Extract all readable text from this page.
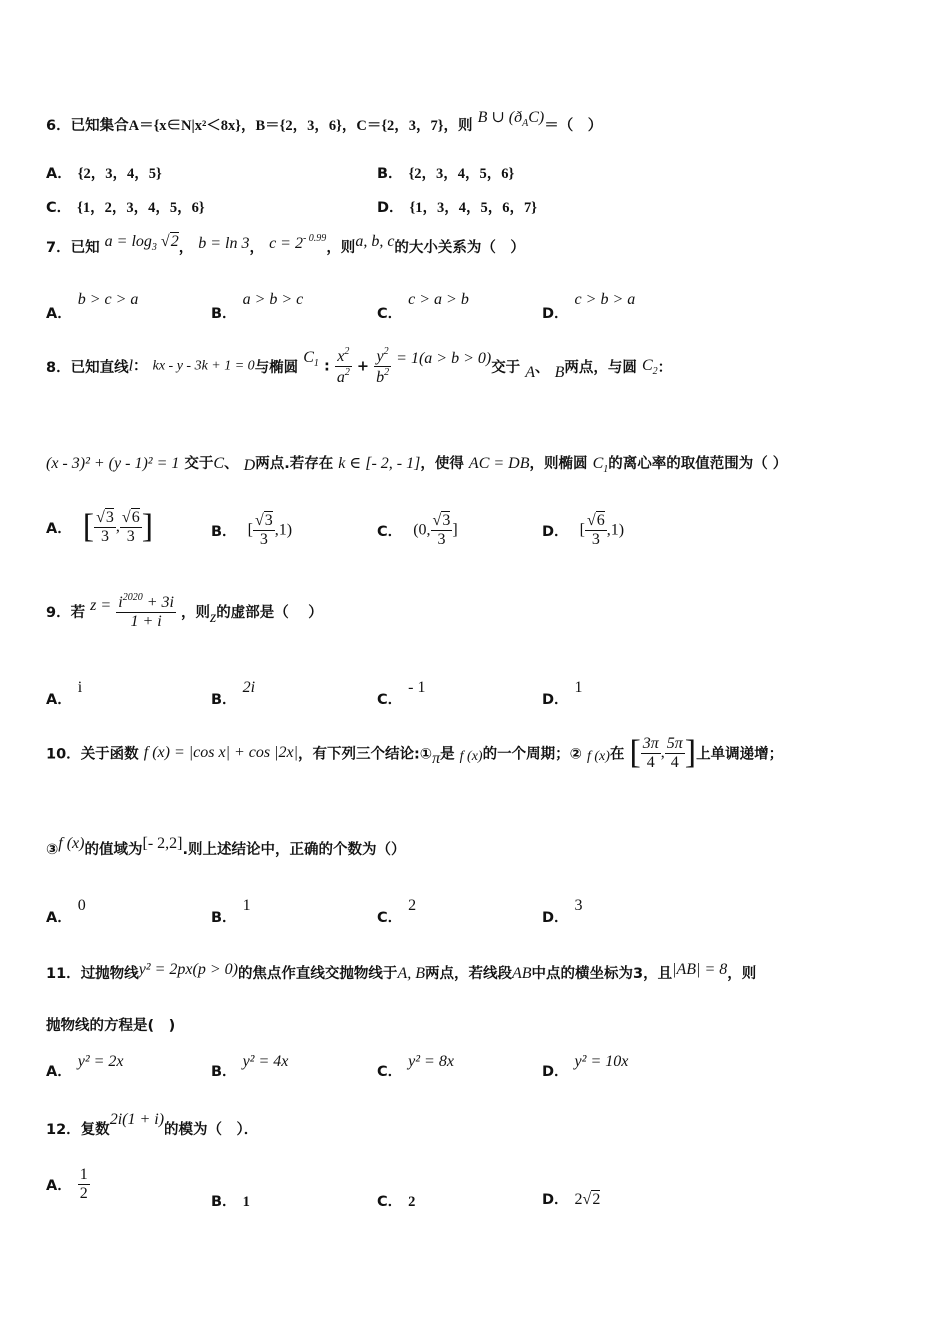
6．已知集合A＝{x∈N|x²＜8x}，B＝{2，3，6}，C＝{2，3，7}，则 B ∪ $(ð_AC)=$（　）
A． {2，3，4，5}	B． {2，3，4，5，6}
C． {1，2，3，4，5，6}	D． {1，3，4，5，6，7}
7．已知 $a = \log_3 √2$， b = ln 3， $c = 2^{- 0.99}$，则a, b, c的大小关系为（　）
A．b > c > a
B．a > b > c
C．c > a > b
D．c > b > a
8．已知直线l： kx - y - 3k + 1 = 0与椭圆 $C_1$ : $\frac{x^2}{a^2} + \frac{y^2}{b^2} = 1(a > b > 0)$交于 A、 B两点，与圆 $C_2$：
(x - 3)² + (y - 1)² = 1 交于C、 D两点.若存在 k ∈ [- 2, - 1]，使得 AC = DB，则椭圆 $C_1$的离心率的取值范围为（ ）
A． [ $\frac{√3}{3}$ , $\frac{√6}{3}$ ]	B． [ $\frac{√3}{3} ,1$)	C． (0, $\frac{√3}{3}$ ]	D． [ $\frac{√6}{3} ,1$)
9．若 $z = \frac{i^{2020} + 3i}{1 + i}$ ，则z的虚部是（　 ）
A．i
B．2i
C．- 1
D．1
10．关于函数 f (x) = |cos x| + cos |2x|，有下列三个结论:①π是 f (x)的一个周期；② f (x)在 [ $\frac{3\pi}{4}$ , $\frac{5\pi}{4}$ ]上单调递增；
③f (x)的值域为[- 2,2].则上述结论中，正确的个数为（）
A．0
B．1
C．2
D．3
11．过抛物线y² = 2px(p > 0)的焦点作直线交抛物线于A, B两点，若线段AB中点的横坐标为3，且|AB| = 8，则
抛物线的方程是(　)
A．y² = 2x
B．y² = 4x
C．y² = 8x
D．y² = 10x
12．复数2i(1 + i)的模为（　）．
A． $\frac{1}{2}$	B． 1	C． 2	D． 2√2
